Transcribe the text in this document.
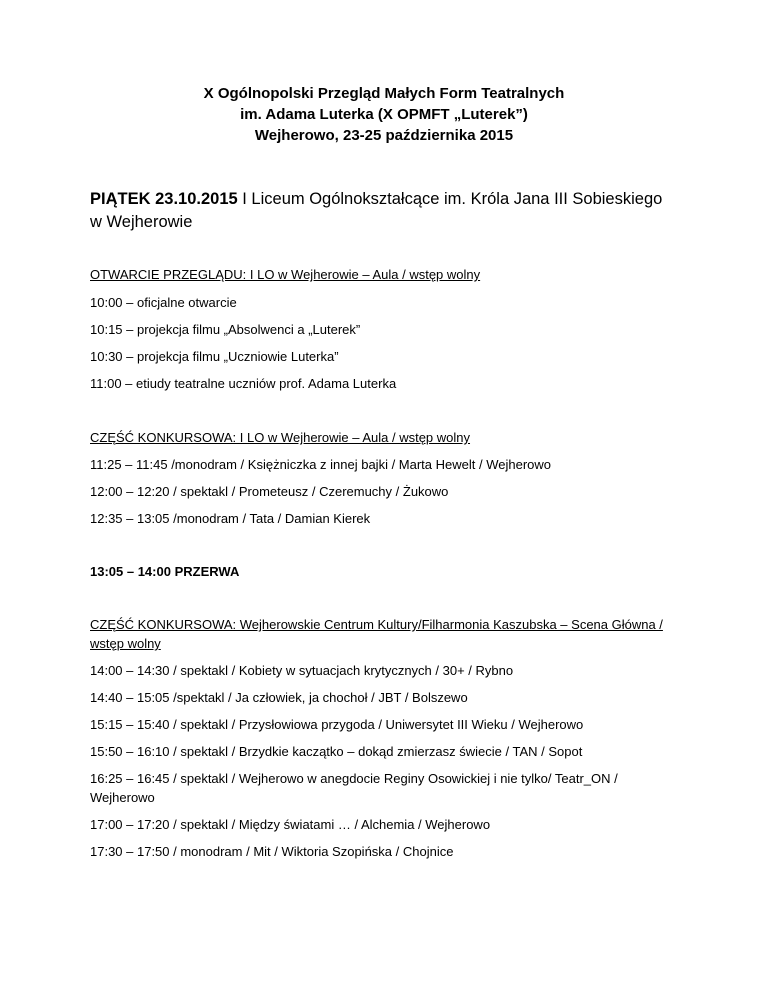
X Ogólnopolski Przegląd Małych Form Teatralnych
im. Adama Luterka (X OPMFT „Luterek”)
Wejherowo, 23-25 października 2015
PIĄTEK 23.10.2015 I Liceum Ogólnokształcące im. Króla Jana III Sobieskiego w Wejherowie

OTWARCIE PRZEGLĄDU: I LO w Wejherowie – Aula / wstęp wolny

10:00 – oficjalne otwarcie

10:15 – projekcja filmu „Absolwenci a „Luterek”

10:30 – projekcja filmu „Uczniowie Luterka”

11:00 – etiudy teatralne uczniów prof. Adama Luterka

CZĘŚĆ KONKURSOWA: I LO w Wejherowie – Aula / wstęp wolny

11:25 – 11:45 /monodram / Księżniczka z innej bajki / Marta Hewelt / Wejherowo

12:00 – 12:20 / spektakl / Prometeusz / Czeremuchy / Żukowo

12:35 – 13:05 /monodram / Tata / Damian Kierek

13:05 – 14:00 PRZERWA

CZĘŚĆ KONKURSOWA: Wejherowskie Centrum Kultury/Filharmonia Kaszubska – Scena Główna / wstęp wolny

14:00 – 14:30 / spektakl / Kobiety w sytuacjach krytycznych / 30+ / Rybno

14:40 – 15:05 /spektakl / Ja człowiek, ja chochoł / JBT / Bolszewo

15:15 – 15:40 / spektakl / Przysłowiowa przygoda / Uniwersytet III Wieku / Wejherowo

15:50 – 16:10 / spektakl / Brzydkie kaczątko – dokąd zmierzasz świecie / TAN / Sopot

16:25 – 16:45 / spektakl / Wejherowo w anegdocie Reginy Osowickiej i nie tylko/ Teatr_ON / Wejherowo

17:00 – 17:20 / spektakl / Między światami … / Alchemia / Wejherowo

17:30 – 17:50 / monodram / Mit / Wiktoria Szopińska / Chojnice
